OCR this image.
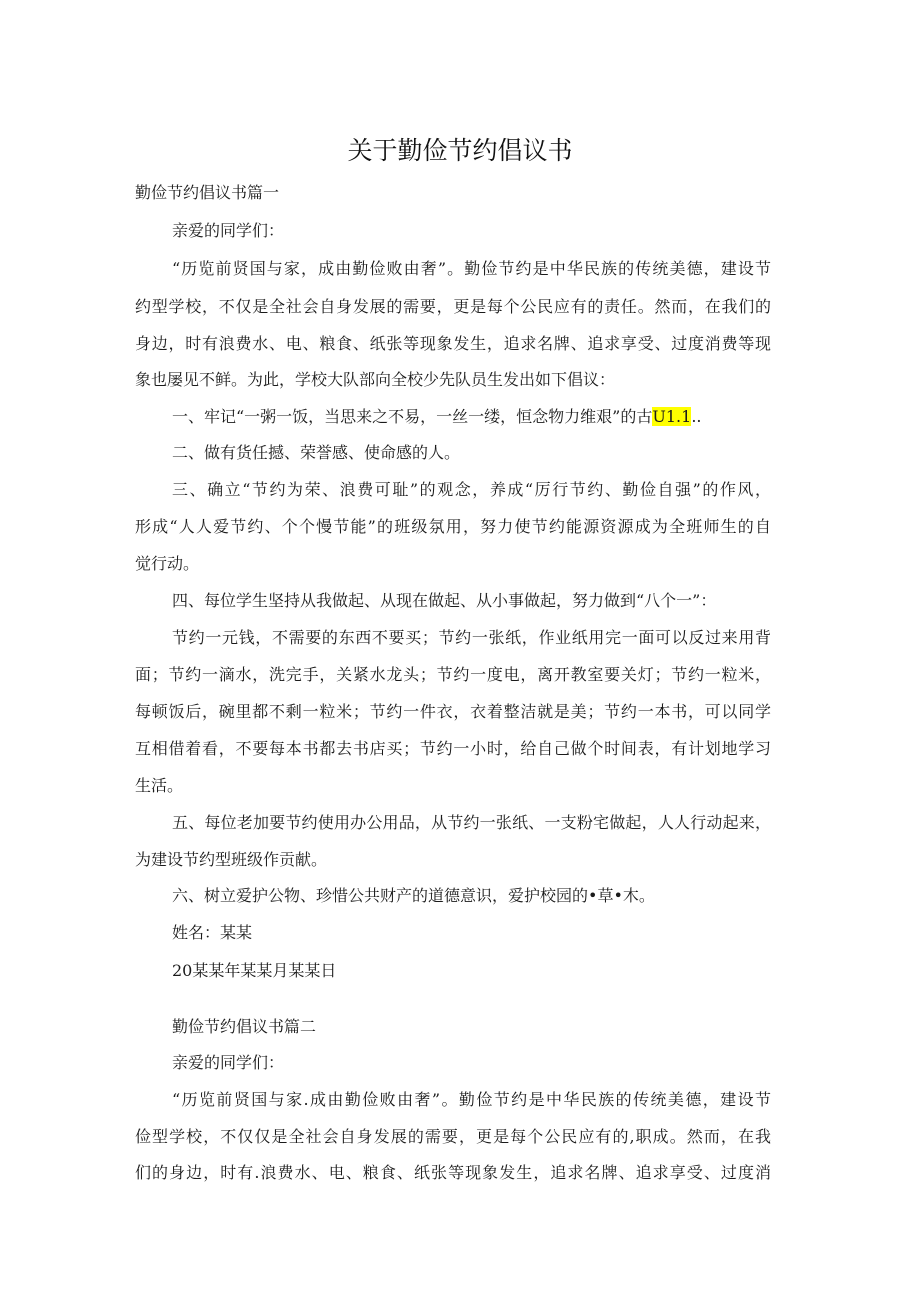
关于勤俭节约倡议书
勤俭节约倡议书篇一
亲爱的同学们：
“历览前贤国与家，成由勤俭败由奢”。勤俭节约是中华民族的传统美德，建设节
约型学校，不仅是全社会自身发展的需要，更是每个公民应有的责任。然而，在我们的
身边，时有浪费水、电、粮食、纸张等现象发生，追求名牌、追求享受、过度消费等现
象也屡见不鲜。为此，学校大队部向全校少先队员生发出如下倡议：
一、牢记“一粥一饭，当思来之不易，一丝一缕，恒念物力维艰”的古U1.1..
二、做有货任撼、荣誉感、使命感的人。
三、确立“节约为荣、浪费可耻”的观念，养成“厉行节约、勤俭自强”的作风，
形成“人人爱节约、个个慢节能”的班级氛用，努力使节约能源资源成为全班师生的自
觉行动。
四、每位学生坚持从我做起、从现在做起、从小事做起，努力做到“八个一”：
节约一元钱，不需要的东西不要买；节约一张纸，作业纸用完一面可以反过来用背
面；节约一滴水，洗完手，关紧水龙头；节约一度电，离开教室要关灯；节约一粒米，
每顿饭后，碗里都不剩一粒米；节约一件衣，衣着整洁就是美；节约一本书，可以同学
互相借着看，不要每本书都去书店买；节约一小时，给自己做个时间表，有计划地学习
生活。
五、每位老加要节约使用办公用品，从节约一张纸、一支粉宅做起，人人行动起来，
为建设节约型班级作贡献。
六、树立爱护公物、珍惜公共财产的道德意识，爱护校园的•草•木。
姓名：某某
20某某年某某月某某日
勤俭节约倡议书篇二
亲爱的同学们：
“历览前贤国与家.成由勤俭败由奢”。勤俭节约是中华民族的传统美德，建设节
俭型学校，不仅仅是全社会自身发展的需要，更是每个公民应有的,职成。然而，在我
们的身边，时有.浪费水、电、粮食、纸张等现象发生，追求名牌、追求享受、过度消
